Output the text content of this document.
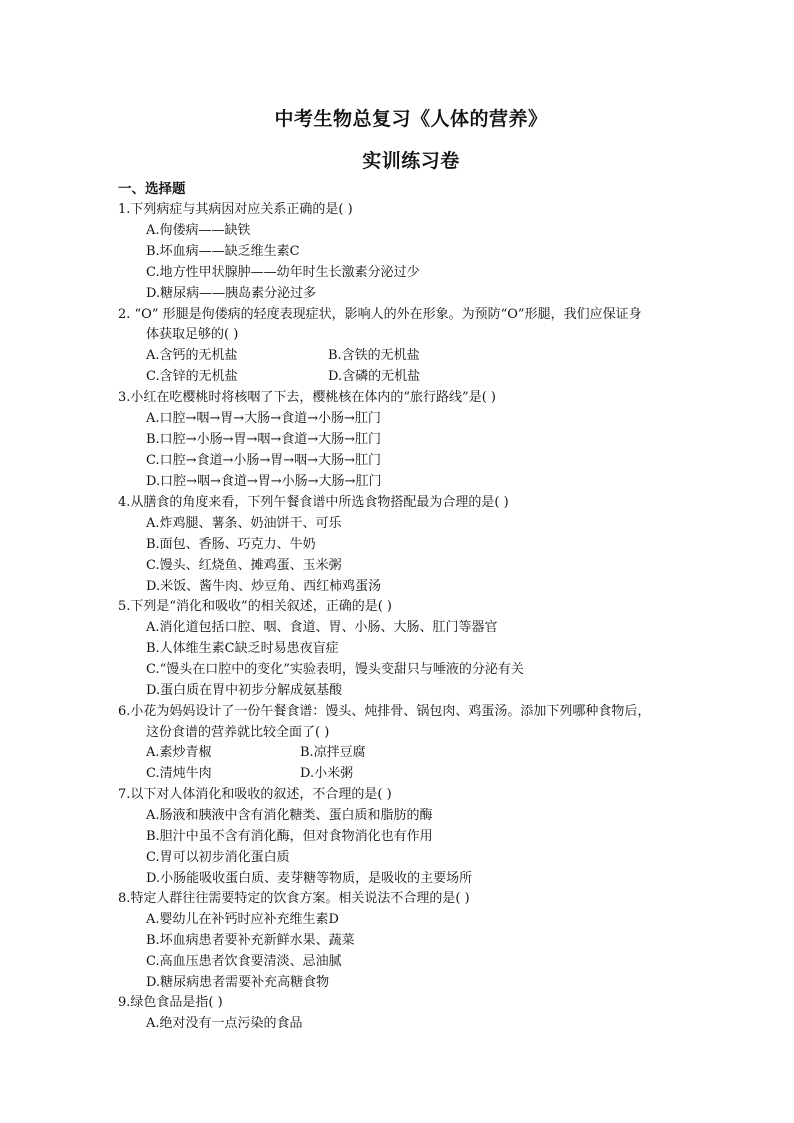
中考生物总复习《人体的营养》
实训练习卷
一、选择题
1.下列病症与其病因对应关系正确的是( )
A.佝偻病——缺铁
B.坏血病——缺乏维生素C
C.地方性甲状腺肿——幼年时生长激素分泌过少
D.糖尿病——胰岛素分泌过多
2. “O” 形腿是佝偻病的轻度表现症状，影响人的外在形象。为预防“O”形腿，我们应保证身
体获取足够的( )
A.含钙的无机盐	B.含铁的无机盐
C.含锌的无机盐	D.含磷的无机盐
3.小红在吃樱桃时将核咽了下去，樱桃核在体内的“旅行路线”是( )
A.口腔→咽→胃→大肠→食道→小肠→肛门
B.口腔→小肠→胃→咽→食道→大肠→肛门
C.口腔→食道→小肠→胃→咽→大肠→肛门
D.口腔→咽→食道→胃→小肠→大肠→肛门
4.从膳食的角度来看，下列午餐食谱中所选食物搭配最为合理的是( )
A.炸鸡腿、薯条、奶油饼干、可乐
B.面包、香肠、巧克力、牛奶
C.馒头、红烧鱼、摊鸡蛋、玉米粥
D.米饭、酱牛肉、炒豆角、西红柿鸡蛋汤
5.下列是“消化和吸收”的相关叙述，正确的是( )
A.消化道包括口腔、咽、食道、胃、小肠、大肠、肛门等器官
B.人体维生素C缺乏时易患夜盲症
C.“馒头在口腔中的变化”实验表明，馒头变甜只与唾液的分泌有关
D.蛋白质在胃中初步分解成氨基酸
6.小花为妈妈设计了一份午餐食谱：馒头、炖排骨、锅包肉、鸡蛋汤。添加下列哪种食物后，
这份食谱的营养就比较全面了( )
A.素炒青椒	B.凉拌豆腐
C.清炖牛肉	D.小米粥
7.以下对人体消化和吸收的叙述，不合理的是( )
A.肠液和胰液中含有消化糖类、蛋白质和脂肪的酶
B.胆汁中虽不含有消化酶，但对食物消化也有作用
C.胃可以初步消化蛋白质
D.小肠能吸收蛋白质、麦芽糖等物质，是吸收的主要场所
8.特定人群往往需要特定的饮食方案。相关说法不合理的是( )
A.婴幼儿在补钙时应补充维生素D
B.坏血病患者要补充新鲜水果、蔬菜
C.高血压患者饮食要清淡、忌油腻
D.糖尿病患者需要补充高糖食物
9.绿色食品是指( )
A.绝对没有一点污染的食品
